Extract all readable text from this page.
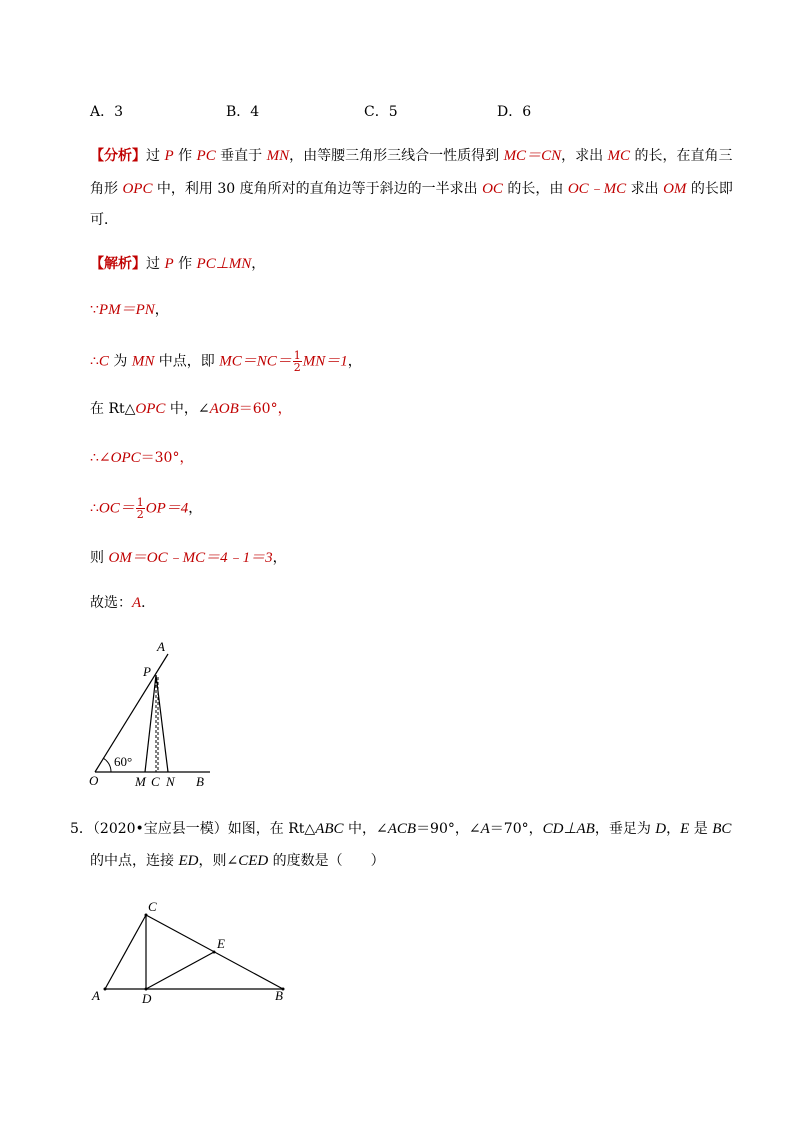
A．3	B．4	C．5	D．6
【分析】过 P 作 PC 垂直于 MN，由等腰三角形三线合一性质得到 MC＝CN，求出 MC 的长，在直角三
角形 OPC 中，利用 30 度角所对的直角边等于斜边的一半求出 OC 的长，由 OC﹣MC 求出 OM 的长即
可．
【解析】过 P 作 PC⊥MN，
∵PM＝PN，
∴C 为 MN 中点，即 $MC=NC= \frac{1}{2} MN=1$，
在 Rt△OPC 中，∠AOB＝60°，
∴∠OPC＝30°，
∴OC＝ $\frac{1}{2} OP=4$，
则 OM＝OC﹣MC＝4﹣1＝3，
故选：A．
A
P
60°
O	M C N B
5．（2020•宝应县一模）如图，在 Rt△ABC 中，∠ACB＝90°，∠A＝70°，CD⊥AB，垂足为 D，E 是 BC
的中点，连接 ED，则∠CED 的度数是（　　）
C
E
A	D	B
